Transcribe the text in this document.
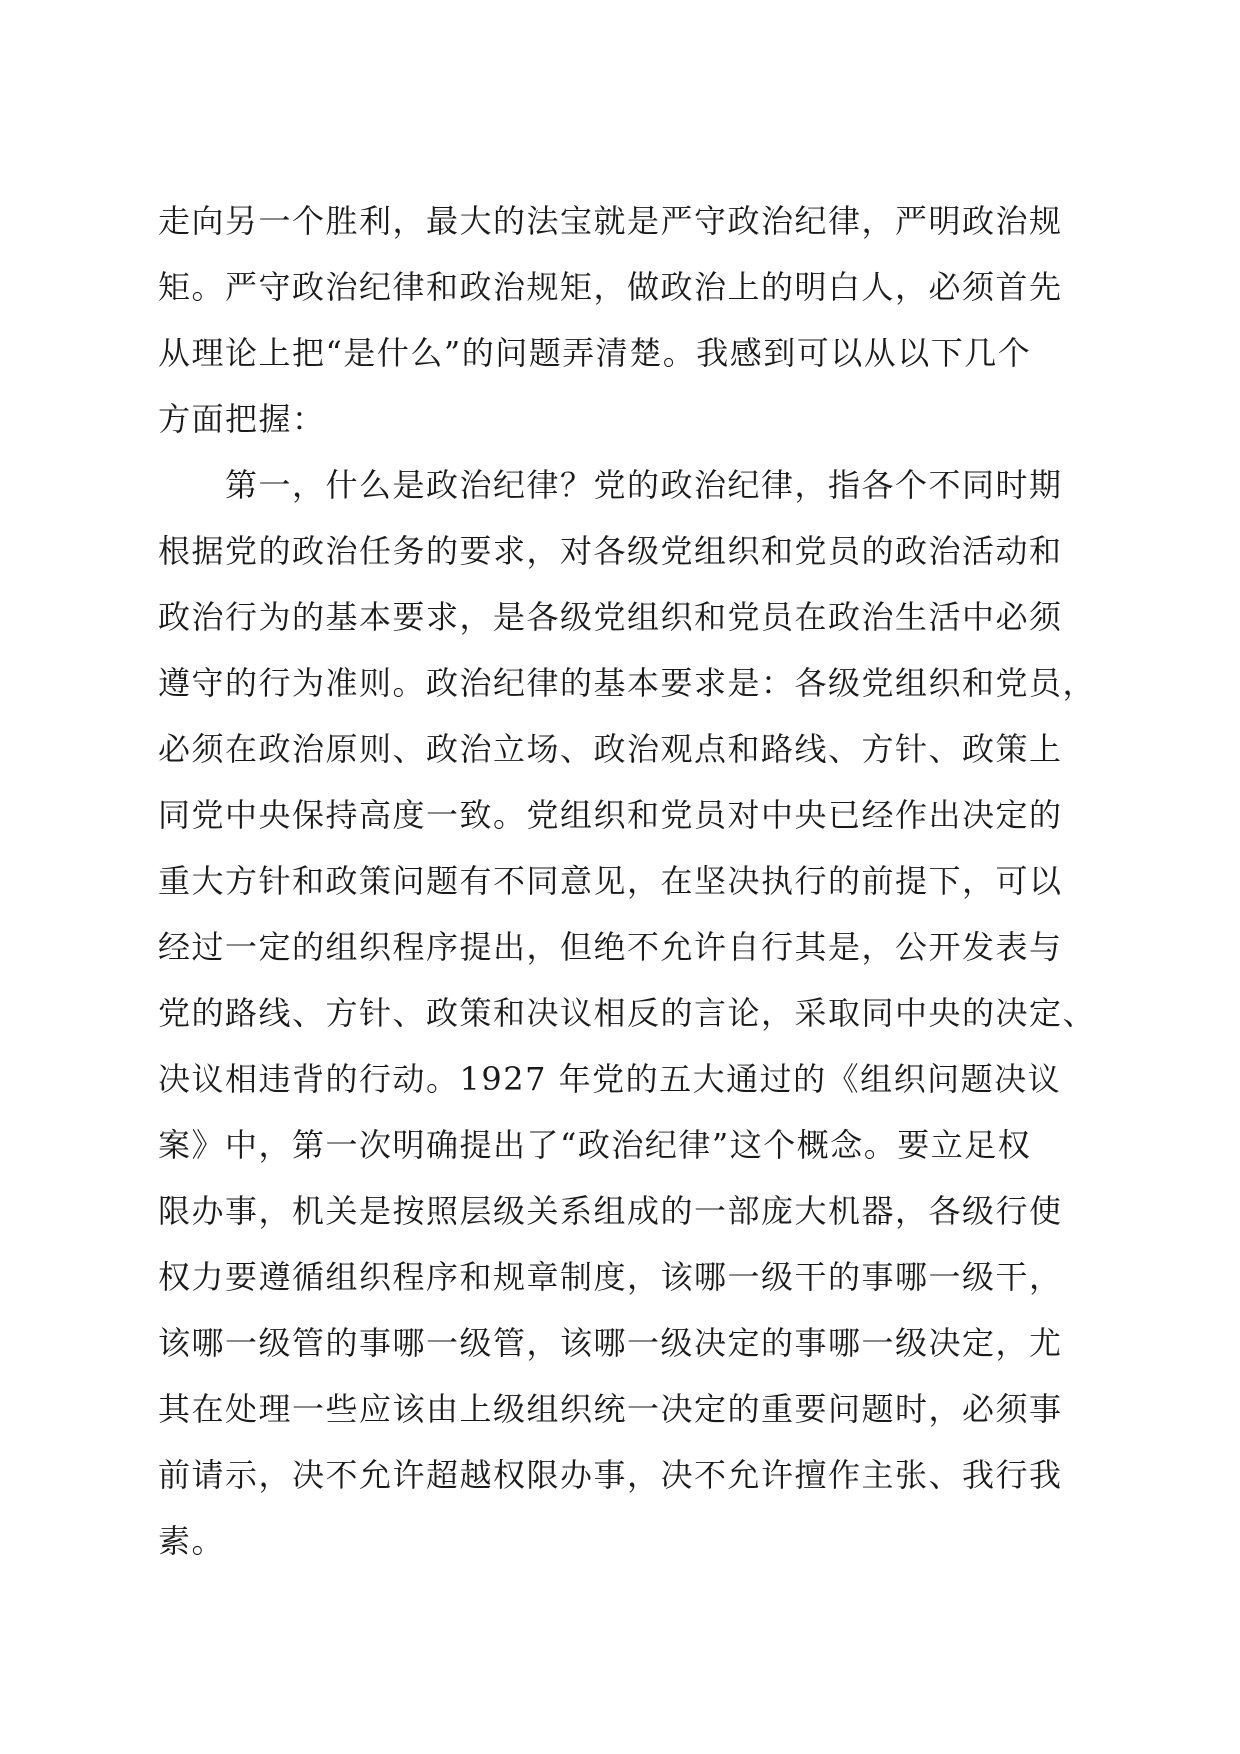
走向另一个胜利，最大的法宝就是严守政治纪律，严明政治规
矩。严守政治纪律和政治规矩，做政治上的明白人，必须首先
从理论上把“是什么”的问题弄清楚。我感到可以从以下几个
方面把握：
　　第一，什么是政治纪律？党的政治纪律，指各个不同时期
根据党的政治任务的要求，对各级党组织和党员的政治活动和
政治行为的基本要求，是各级党组织和党员在政治生活中必须
遵守的行为准则。政治纪律的基本要求是：各级党组织和党员，
必须在政治原则、政治立场、政治观点和路线、方针、政策上
同党中央保持高度一致。党组织和党员对中央已经作出决定的
重大方针和政策问题有不同意见，在坚决执行的前提下，可以
经过一定的组织程序提出，但绝不允许自行其是，公开发表与
党的路线、方针、政策和决议相反的言论，采取同中央的决定、
决议相违背的行动。1927 年党的五大通过的《组织问题决议
案》中，第一次明确提出了“政治纪律”这个概念。要立足权
限办事，机关是按照层级关系组成的一部庞大机器，各级行使
权力要遵循组织程序和规章制度，该哪一级干的事哪一级干，
该哪一级管的事哪一级管，该哪一级决定的事哪一级决定，尤
其在处理一些应该由上级组织统一决定的重要问题时，必须事
前请示，决不允许超越权限办事，决不允许擅作主张、我行我
素。
